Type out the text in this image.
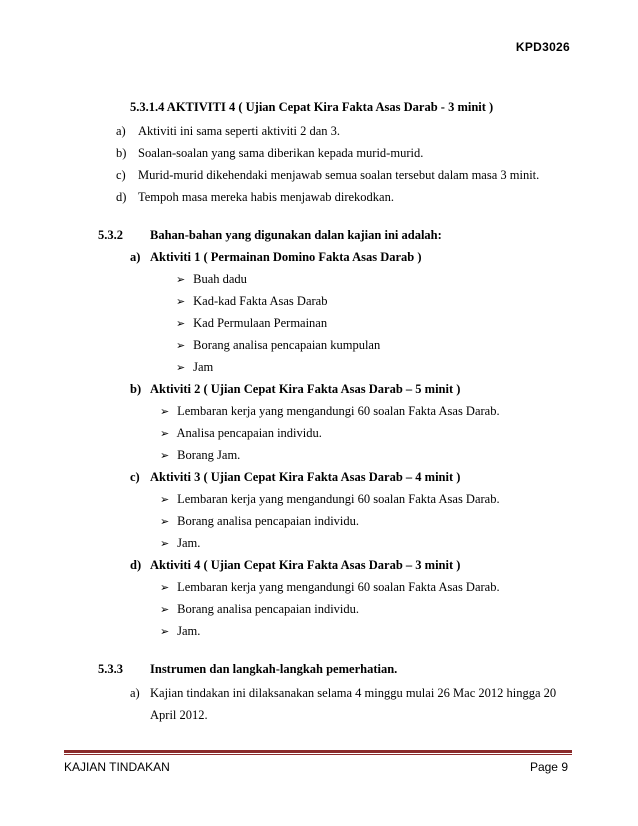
KPD3026
5.3.1.4 AKTIVITI 4 ( Ujian Cepat Kira Fakta Asas Darab - 3 minit )
a) Aktiviti ini sama seperti aktiviti 2 dan 3.
b) Soalan-soalan yang sama diberikan kepada murid-murid.
c) Murid-murid dikehendaki menjawab semua soalan tersebut dalam masa 3 minit.
d) Tempoh masa mereka habis menjawab direkodkan.
5.3.2 Bahan-bahan yang digunakan dalan kajian ini adalah:
a) Aktiviti 1 ( Permainan Domino Fakta Asas Darab )
➢ Buah dadu
➢ Kad-kad Fakta Asas Darab
➢ Kad Permulaan Permainan
➢ Borang analisa pencapaian kumpulan
➢ Jam
b) Aktiviti 2 ( Ujian Cepat Kira Fakta Asas Darab – 5 minit )
➢ Lembaran kerja yang mengandungi 60 soalan Fakta Asas Darab.
➢ Analisa pencapaian individu.
➢ Borang Jam.
c) Aktiviti 3 ( Ujian Cepat Kira Fakta Asas Darab – 4 minit )
➢ Lembaran kerja yang mengandungi 60 soalan Fakta Asas Darab.
➢ Borang analisa pencapaian individu.
➢ Jam.
d) Aktiviti 4 ( Ujian Cepat Kira Fakta Asas Darab – 3 minit )
➢ Lembaran kerja yang mengandungi 60 soalan Fakta Asas Darab.
➢ Borang analisa pencapaian individu.
➢ Jam.
5.3.3 Instrumen dan langkah-langkah pemerhatian.
a) Kajian tindakan ini dilaksanakan selama 4 minggu mulai 26 Mac 2012 hingga 20
April 2012.
KAJIAN TINDAKAN	Page 9
